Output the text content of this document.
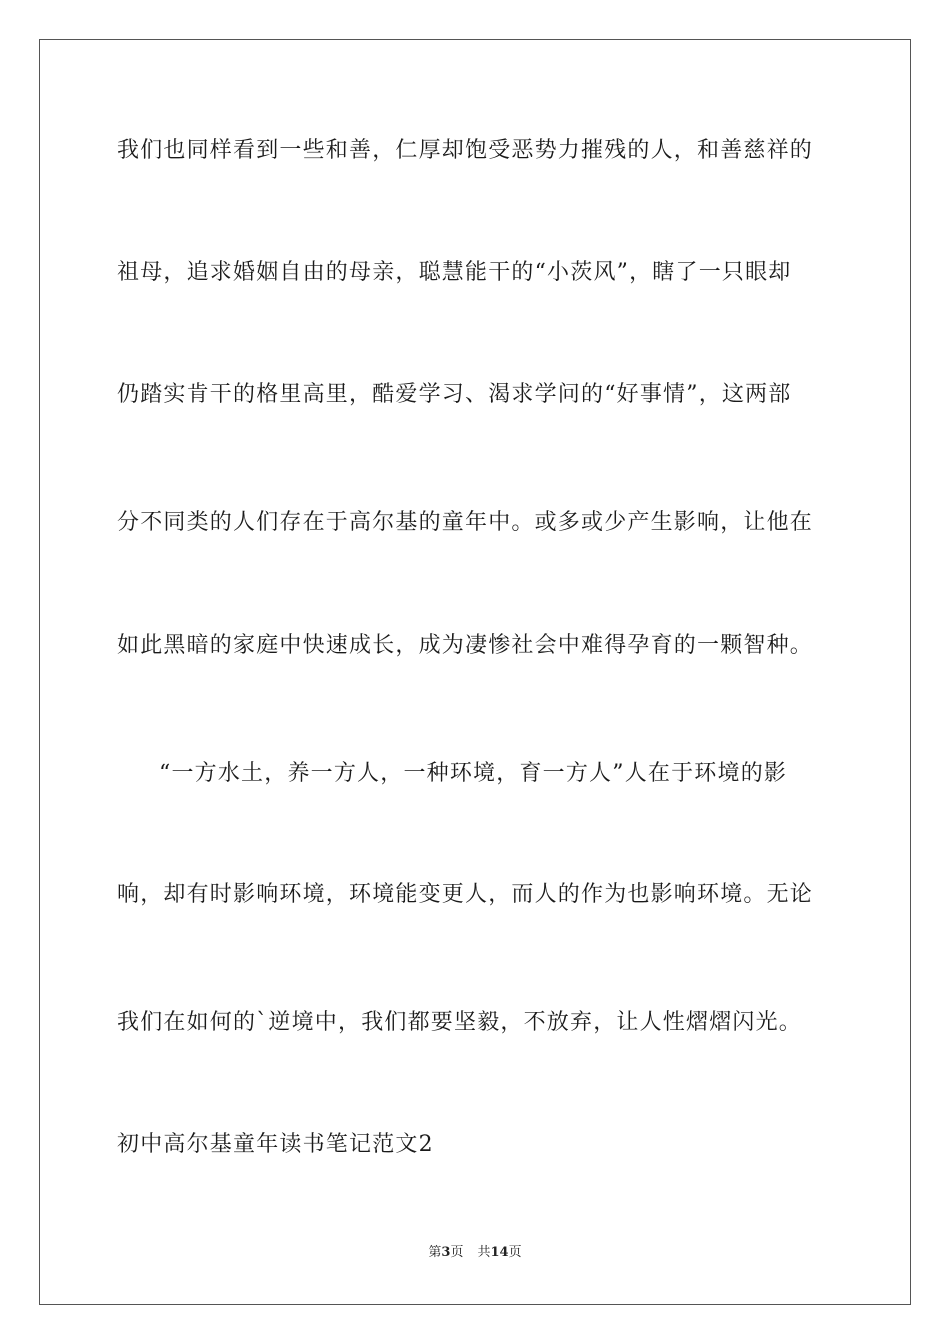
我们也同样看到一些和善，仁厚却饱受恶势力摧残的人，和善慈祥的
祖母，追求婚姻自由的母亲，聪慧能干的“小茨风”，瞎了一只眼却
仍踏实肯干的格里高里，酷爱学习、渴求学问的“好事情”，这两部
分不同类的人们存在于高尔基的童年中。或多或少产生影响，让他在
如此黑暗的家庭中快速成长，成为凄惨社会中难得孕育的一颗智种。
“一方水土，养一方人，一种环境，育一方人”人在于环境的影
响，却有时影响环境，环境能变更人，而人的作为也影响环境。无论
我们在如何的`逆境中，我们都要坚毅，不放弃，让人性熠熠闪光。
初中高尔基童年读书笔记范文2
第3页 共14页
